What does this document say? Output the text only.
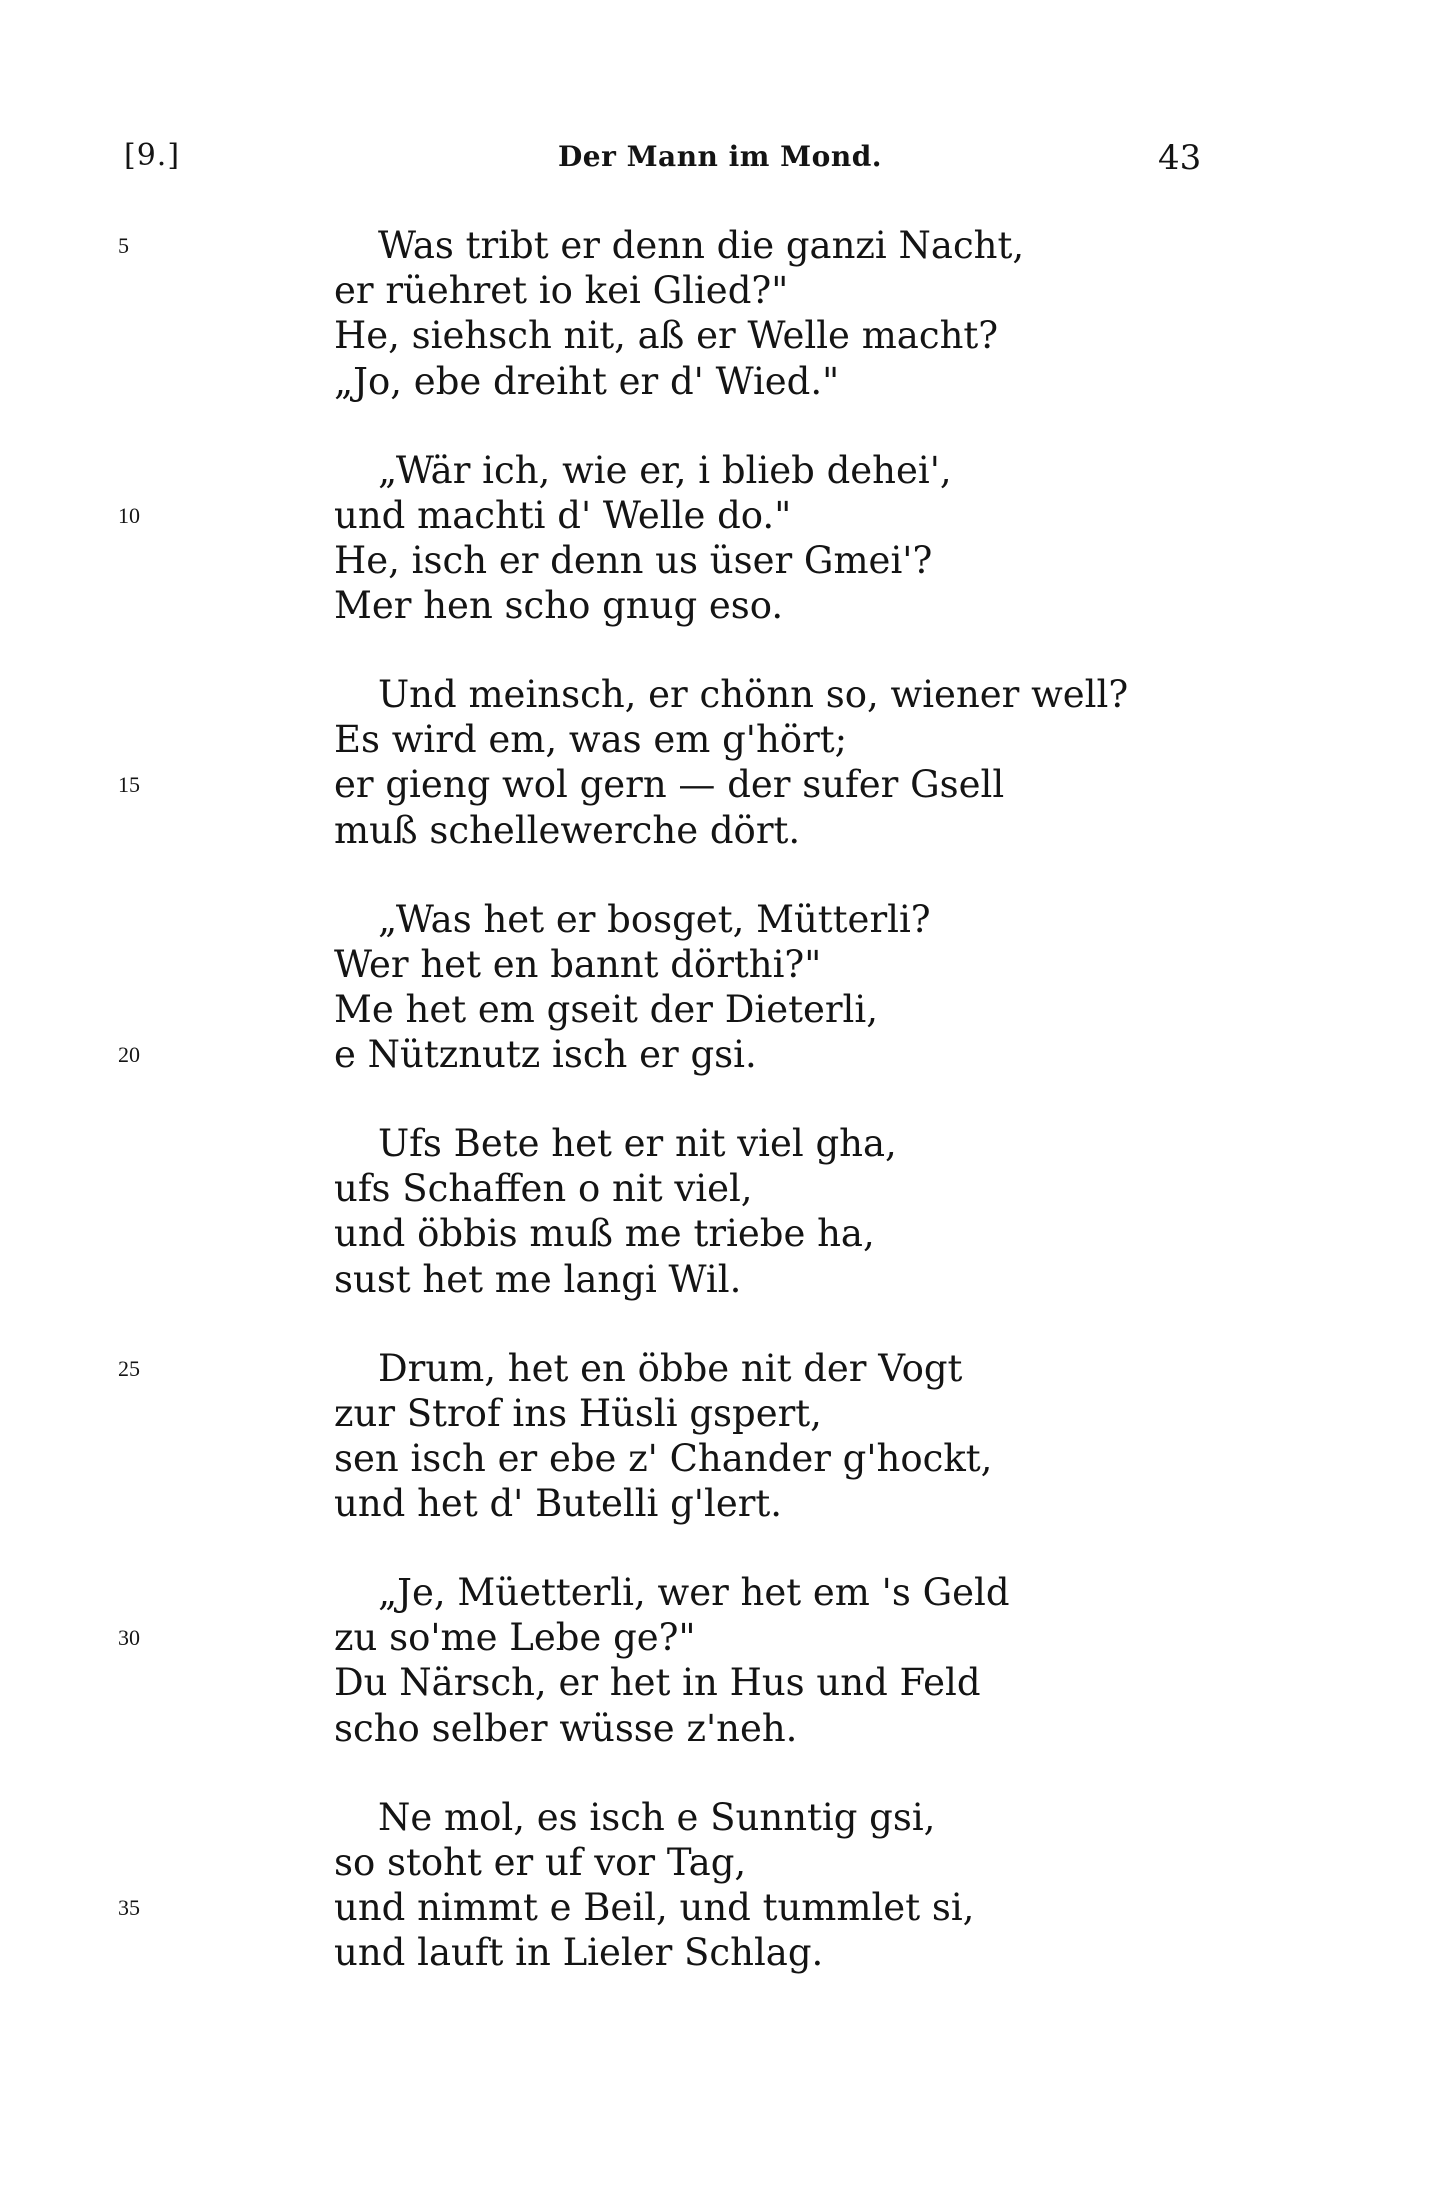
[9.]	Der Mann im Mond.	43
Was tribt er denn die ganzi Nacht,
er rüehret io kei Glied?"
He, siehsch nit, aß er Welle macht?
„Jo, ebe dreiht er d' Wied."
„Wär ich, wie er, i blieb dehei',
und machti d' Welle do."
He, isch er denn us üser Gmei'?
Mer hen scho gnug eso.
Und meinsch, er chönn so, wiener well?
Es wird em, was em g'hört;
er gieng wol gern — der sufer Gsell
muß schellewerche dört.
„Was het er bosget, Mütterli?
Wer het en bannt dörthi?"
Me het em gseit der Dieterli,
e Nütznutz isch er gsi.
Ufs Bete het er nit viel gha,
ufs Schaffen o nit viel,
und öbbis muß me triebe ha,
sust het me langi Wil.
Drum, het en öbbe nit der Vogt
zur Strof ins Hüsli gspert,
sen isch er ebe z' Chander g'hockt,
und het d' Butelli g'lert.
„Je, Müetterli, wer het em 's Geld
zu so'me Lebe ge?"
Du Närsch, er het in Hus und Feld
scho selber wüsse z'neh.
Ne mol, es isch e Sunntig gsi,
so stoht er uf vor Tag,
und nimmt e Beil, und tummlet si,
und lauft in Lieler Schlag.
5
10
15
20
25
30
35
